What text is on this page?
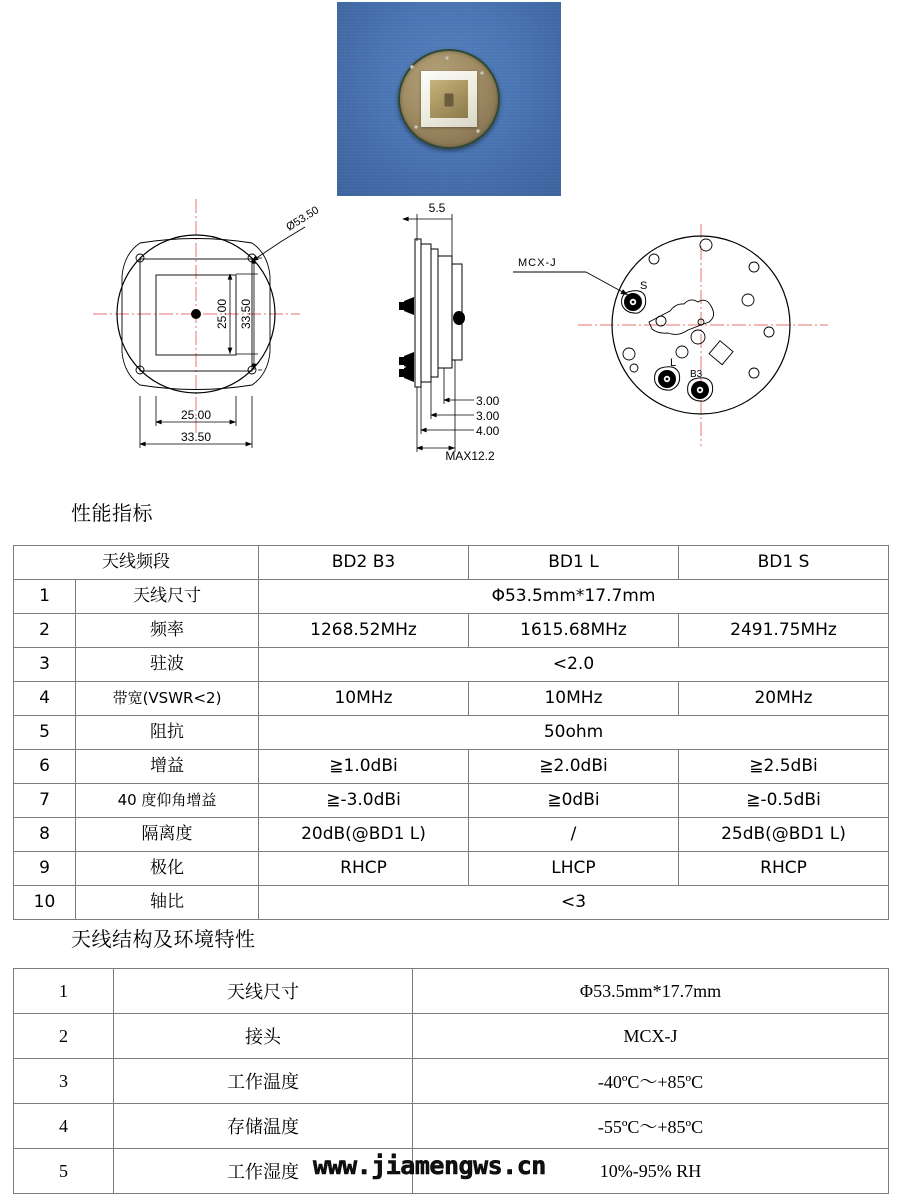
Ø53.50
25.00 33.50
25.00
33.50
5.5
3.00
3.00
4.00
MAX12.2
MCX-J
S
L
B3
性能指标
天线结构及环境特性
天线频段		BD2 B3	BD1 L	BD1 S
1	天线尺寸	Φ53.5mm*17.7mm		
2	频率	1268.52MHz	1615.68MHz	2491.75MHz
3	驻波	<2.0		
4	带宽(VSWR<2)	10MHz	10MHz	20MHz
5	阻抗	50ohm		
6	增益	≧1.0dBi	≧2.0dBi	≧2.5dBi
7	40 度仰角增益	≧-3.0dBi	≧0dBi	≧-0.5dBi
8	隔离度	20dB(@BD1 L)	/	25dB(@BD1 L)
9	极化	RHCP	LHCP	RHCP
10	轴比	<3		
1	天线尺寸	Φ53.5mm*17.7mm
2	接头	MCX-J
3	工作温度	-40ºC～+85ºC
4	存储温度	-55ºC～+85ºC
5	工作湿度	10%-95% RH
www.jiamengws.cn
